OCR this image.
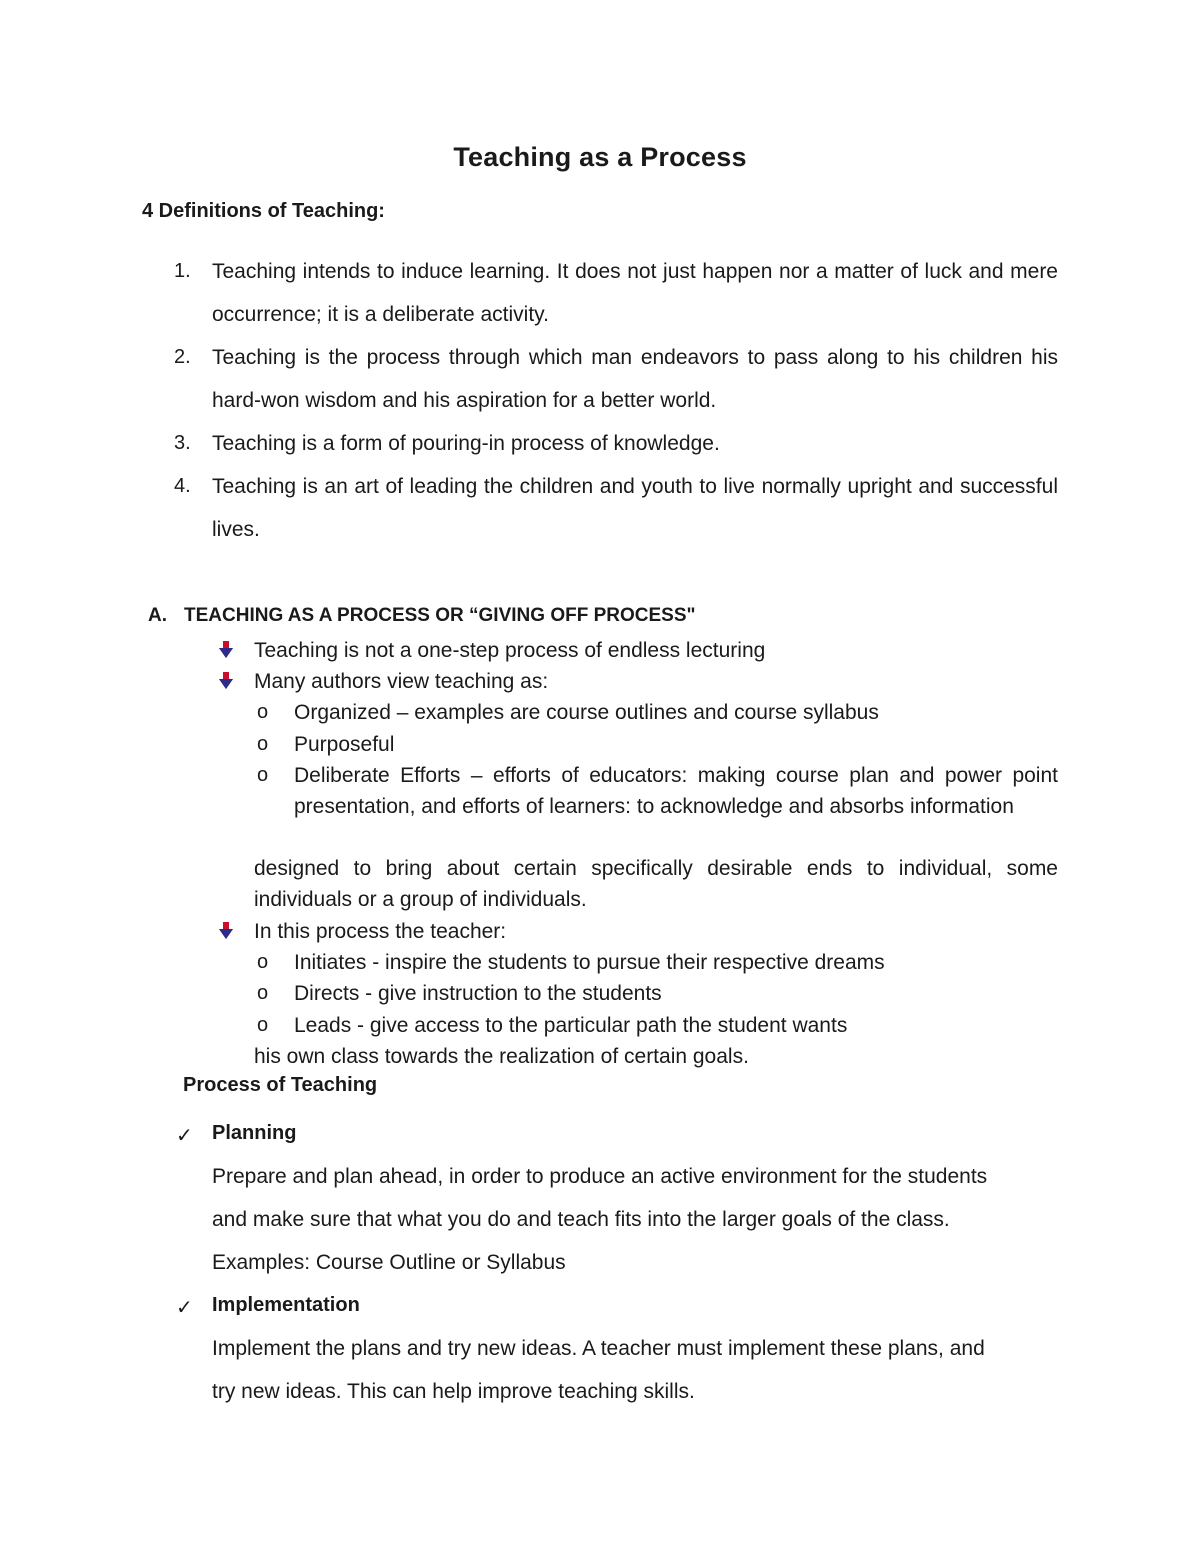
Teaching as a Process
4 Definitions of Teaching:
1.	Teaching intends to induce learning. It does not just happen nor a matter of luck and mere occurrence; it is a deliberate activity.
2.	Teaching is the process through which man endeavors to pass along to his children his hard-won wisdom and his aspiration for a better world.
3.	Teaching is a form of pouring-in process of knowledge.
4.	Teaching is an art of leading the children and youth to live normally upright and successful lives.
A. TEACHING AS A PROCESS OR “GIVING OFF PROCESS"
Teaching is not a one-step process of endless lecturing
Many authors view teaching as:
o Organized – examples are course outlines and course syllabus
o Purposeful
o Deliberate Efforts – efforts of educators: making course plan and power point presentation, and efforts of learners: to acknowledge and absorbs information
designed to bring about certain specifically desirable ends to individual, some individuals or a group of individuals.
In this process the teacher:
o Initiates - inspire the students to pursue their respective dreams
o Directs - give instruction to the students
o Leads - give access to the particular path the student wants
his own class towards the realization of certain goals.
Process of Teaching
✓ Planning
Prepare and plan ahead, in order to produce an active environment for the students
and make sure that what you do and teach fits into the larger goals of the class.
Examples: Course Outline or Syllabus
✓ Implementation
Implement the plans and try new ideas. A teacher must implement these plans, and
try new ideas. This can help improve teaching skills.
